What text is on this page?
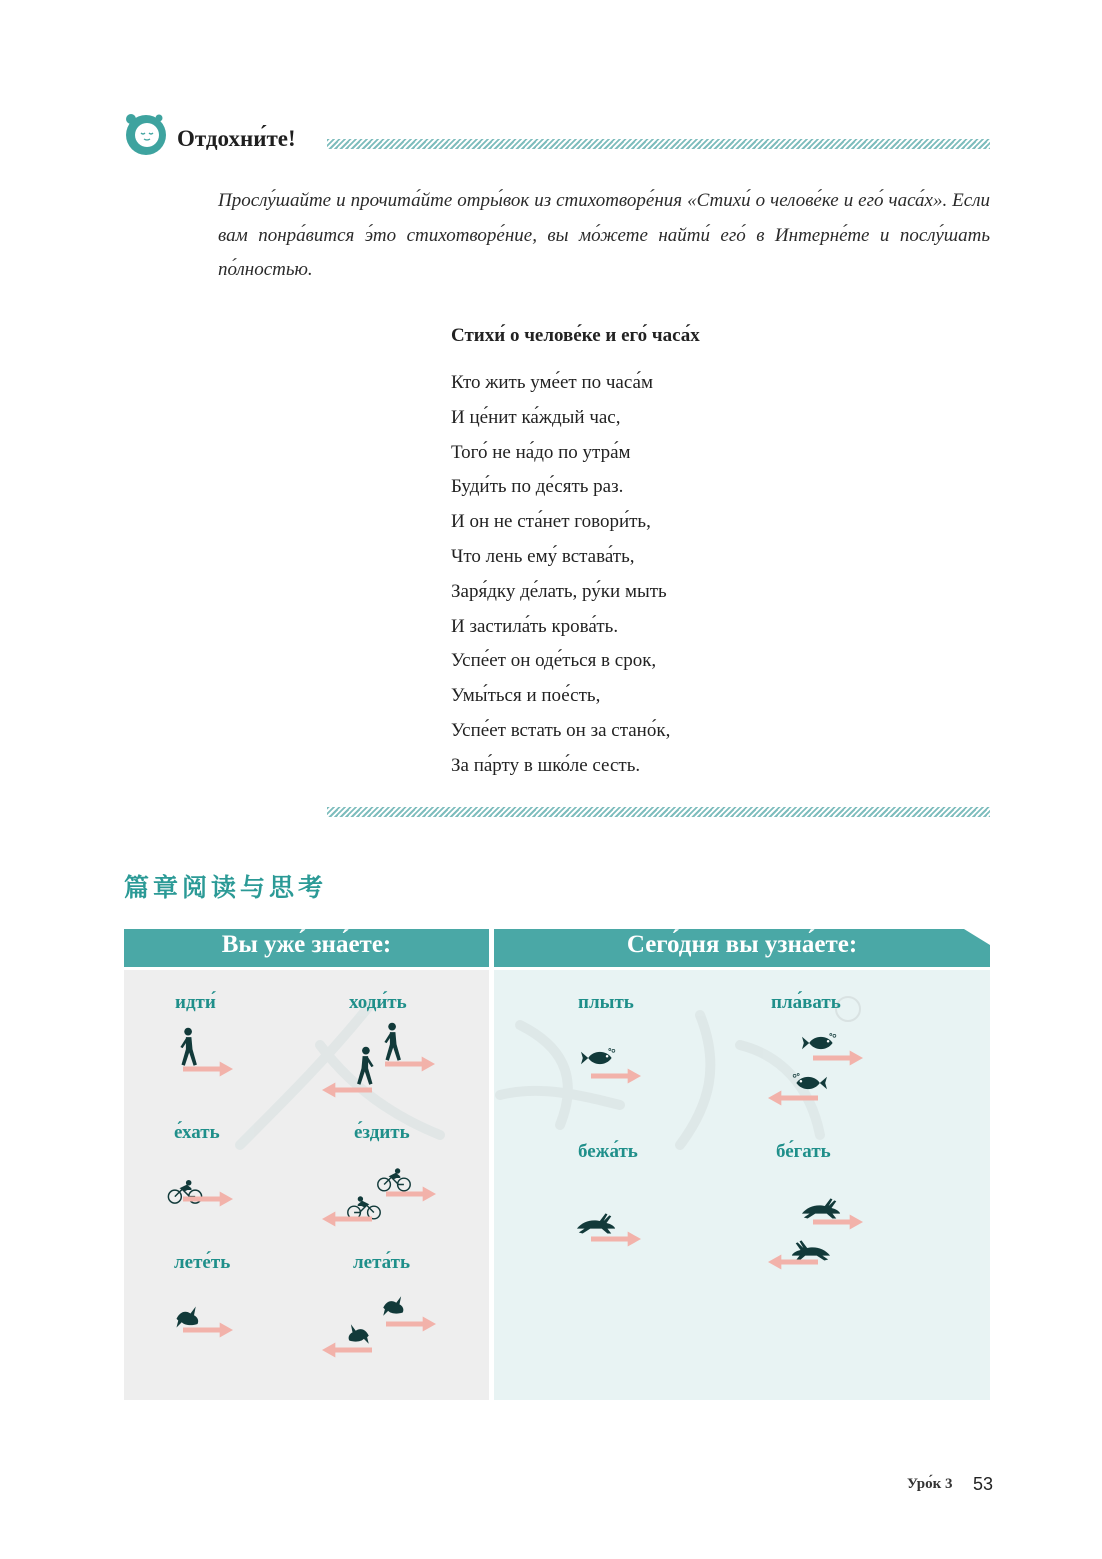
Отдохни́те!
Прослу́шайте и прочита́йте отры́вок из стихотворе́ния «Стихи́ о челове́ке и его́ часа́х». Если вам понра́вится э́то стихотворе́ние, вы мо́жете найти́ его́ в Интерне́те и послу́шать по́лностью.
Стихи́ о челове́ке и его́ часа́х
Кто жить уме́ет по часа́м
И це́нит ка́ждый час,
Того́ не на́до по утра́м
Буди́ть по де́сять раз.
И он не ста́нет говори́ть,
Что лень ему́ встава́ть,
Заря́дку де́лать, ру́ки мыть
И застила́ть крова́ть.
Успе́ет он оде́ться в срок,
Умы́ться и пое́сть,
Успе́ет встать он за стано́к,
За па́рту в шко́ле сесть.
篇章阅读与思考
Вы уже́ зна́ете:	Сего́дня вы узна́ете:
идти́	ходи́ть
е́хать	е́здить
лете́ть	лета́ть
плыть	пла́вать
бежа́ть	бе́гать
Уро́к 3 53
